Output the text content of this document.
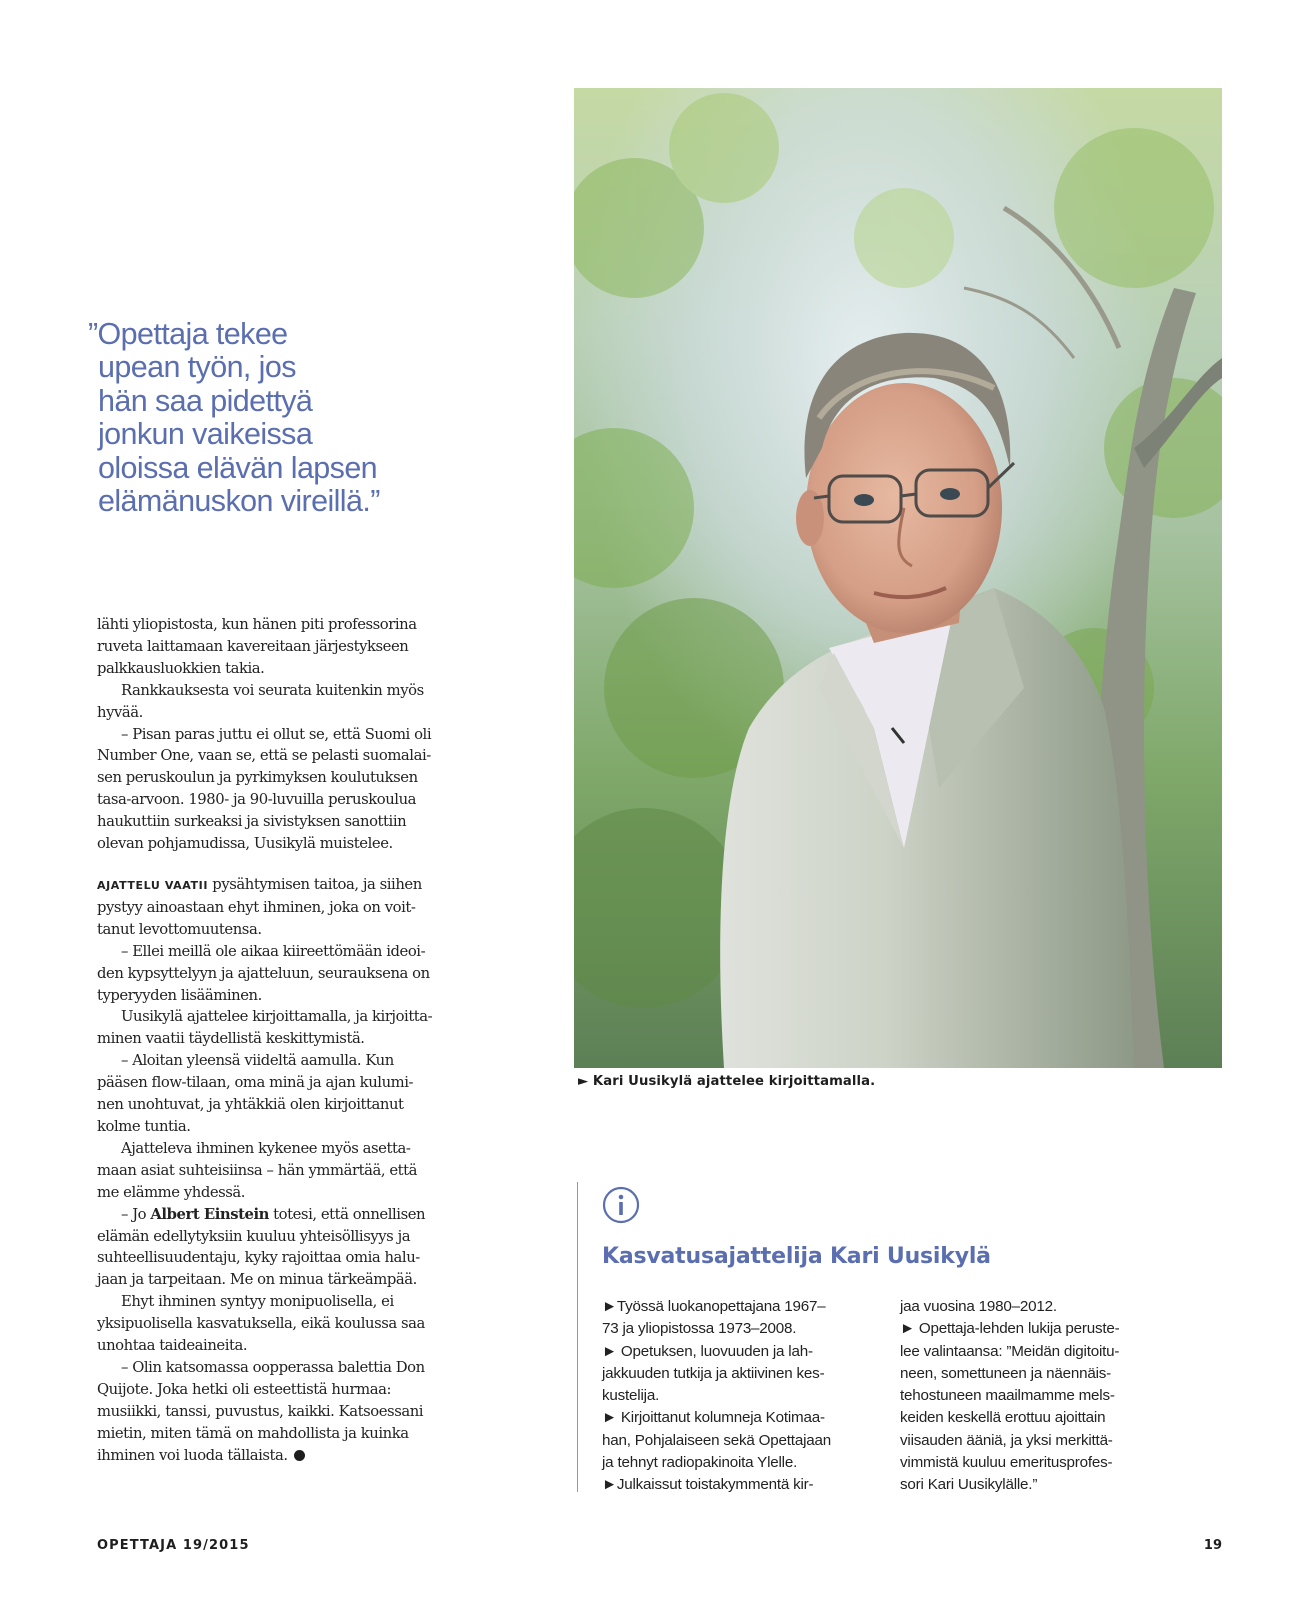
”Opettaja tekee
upean työn, jos
hän saa pidettyä
jonkun vaikeissa
oloissa elävän lapsen
elämänuskon vireillä.”
lähti yliopistosta, kun hänen piti professorina
ruveta laittamaan kavereitaan järjestykseen
palkkausluokkien takia.
Rankkauksesta voi seurata kuitenkin myös
hyvää.
– Pisan paras juttu ei ollut se, että Suomi oli
Number One, vaan se, että se pelasti suomalai-
sen peruskoulun ja pyrkimyksen koulutuksen
tasa-arvoon. 1980- ja 90-luvuilla peruskoulua
haukuttiin surkeaksi ja sivistyksen sanottiin
olevan pohjamudissa, Uusikylä muistelee.
AJATTELU VAATII pysähtymisen taitoa, ja siihen
pystyy ainoastaan ehyt ihminen, joka on voit-
tanut levottomuutensa.
– Ellei meillä ole aikaa kiireettömään ideoi-
den kypsyttelyyn ja ajatteluun, seurauksena on
typeryyden lisääminen.
Uusikylä ajattelee kirjoittamalla, ja kirjoitta-
minen vaatii täydellistä keskittymistä.
– Aloitan yleensä viideltä aamulla. Kun
pääsen flow-tilaan, oma minä ja ajan kulumi-
nen unohtuvat, ja yhtäkkiä olen kirjoittanut
kolme tuntia.
Ajatteleva ihminen kykenee myös asetta-
maan asiat suhteisiinsa – hän ymmärtää, että
me elämme yhdessä.
– Jo Albert Einstein totesi, että onnellisen
elämän edellytyksiin kuuluu yhteisöllisyys ja
suhteellisuudentaju, kyky rajoittaa omia halu-
jaan ja tarpeitaan. Me on minua tärkeämpää.
Ehyt ihminen syntyy monipuolisella, ei
yksipuolisella kasvatuksella, eikä koulussa saa
unohtaa taideaineita.
– Olin katsomassa oopperassa balettia Don
Quijote. Joka hetki oli esteettistä hurmaa:
musiikki, tanssi, puvustus, kaikki. Katsoessani
mietin, miten tämä on mahdollista ja kuinka
ihminen voi luoda tällaista.
► Kari Uusikylä ajattelee kirjoittamalla.
Kasvatusajattelija Kari Uusikylä
►Työssä luokanopettajana 1967–
73 ja yliopistossa 1973–2008.
► Opetuksen, luovuuden ja lah-
jakkuuden tutkija ja aktiivinen kes-
kustelija.
► Kirjoittanut kolumneja Kotimaa-
han, Pohjalaiseen sekä Opettajaan
ja tehnyt radiopakinoita Ylelle.
►Julkaissut toistakymmentä kir-
jaa vuosina 1980–2012.
► Opettaja-lehden lukija peruste-
lee valintaansa: ”Meidän digitoitu-
neen, somettuneen ja näennäis-
tehostuneen maailmamme mels-
keiden keskellä erottuu ajoittain
viisauden ääniä, ja yksi merkittä-
vimmistä kuuluu emeritusprofes-
sori Kari Uusikylälle.”
OPETTAJA 19/2015	19
